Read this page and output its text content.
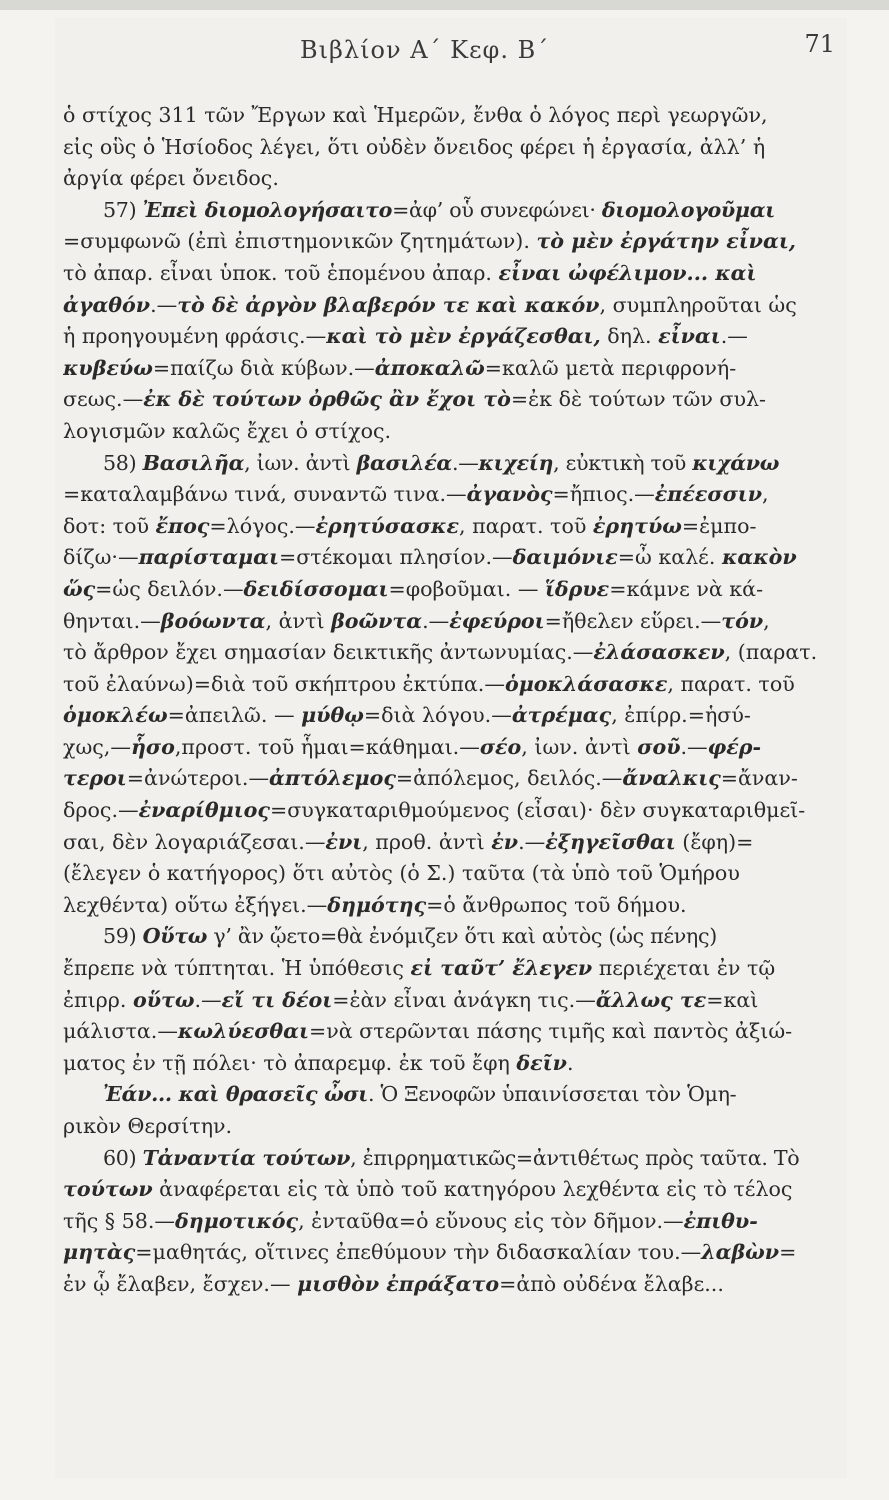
Βιβλίον Α΄ Κεφ. Β΄	71
ὁ στίχος 311 τῶν Ἔργων καὶ Ἡμερῶν, ἔνθα ὁ λόγος περὶ γεωργῶν,
εἰς οὓς ὁ Ἡσίοδος λέγει, ὅτι οὐδὲν ὄνειδος φέρει ἡ ἐργασία, ἀλλ’ ἡ
ἀργία φέρει ὄνειδος.
57) Ἐπεὶ διομολογήσαιτο=ἀφ’ οὗ συνεφώνει· διομολογοῦμαι
=συμφωνῶ (ἐπὶ ἐπιστημονικῶν ζητημάτων). τὸ μὲν ἐργάτην εἶναι,
τὸ ἀπαρ. εἶναι ὑποκ. τοῦ ἑπομένου ἀπαρ. εἶναι ὠφέλιμον... καὶ
ἀγαθόν.—τὸ δὲ ἀργὸν βλαβερόν τε καὶ κακόν, συμπληροῦται ὡς
ἡ προηγουμένη φράσις.—καὶ τὸ μὲν ἐργάζεσθαι, δηλ. εἶναι.—
κυβεύω=παίζω διὰ κύβων.—ἀποκαλῶ=καλῶ μετὰ περιφρονή-
σεως.—ἐκ δὲ τούτων ὀρθῶς ἂν ἔχοι τὸ=ἐκ δὲ τούτων τῶν συλ-
λογισμῶν καλῶς ἔχει ὁ στίχος.
58) Βασιλῆα, ἰων. ἀντὶ βασιλέα.—κιχείη, εὐκτικὴ τοῦ κιχάνω
=καταλαμβάνω τινά, συναντῶ τινα.—ἀγανὸς=ἤπιος.—ἐπέεσσιν,
δοτ: τοῦ ἔπος=λόγος.—ἐρητύσασκε, παρατ. τοῦ ἐρητύω=ἐμπο-
δίζω·—παρίσταμαι=στέκομαι πλησίον.—δαιμόνιε=ὦ καλέ. κακὸν
ὥς=ὡς δειλόν.—δειδίσσομαι=φοβοῦμαι. — ἵδρυε=κάμνε νὰ κά-
θηνται.—βοόωντα, ἀντὶ βοῶντα.—ἐφεύροι=ἤθελεν εὕρει.—τόν,
τὸ ἄρθρον ἔχει σημασίαν δεικτικῆς ἀντωνυμίας.—ἐλάσασκεν, (παρατ.
τοῦ ἐλαύνω)=διὰ τοῦ σκήπτρου ἐκτύπα.—ὁμοκλάσασκε, παρατ. τοῦ
ὁμοκλέω=ἀπειλῶ. — μύθῳ=διὰ λόγου.—ἀτρέμας, ἐπίρρ.=ἡσύ-
χως,—ἧσο,προστ. τοῦ ἧμαι=κάθημαι.—σέο, ἰων. ἀντὶ σοῦ.—φέρ-
τεροι=ἀνώτεροι.—ἀπτόλεμος=ἀπόλεμος, δειλός.—ἄναλκις=ἄναν-
δρος.—ἐναρίθμιος=συγκαταριθμούμενος (εἶσαι)· δὲν συγκαταριθμεῖ-
σαι, δὲν λογαριάζεσαι.—ἐνι, προθ. ἀντὶ ἐν.—ἐξηγεῖσθαι (ἔφη)=
(ἔλεγεν ὁ κατήγορος) ὅτι αὐτὸς (ὁ Σ.) ταῦτα (τὰ ὑπὸ τοῦ Ὁμήρου
λεχθέντα) οὕτω ἐξήγει.—δημότης=ὁ ἄνθρωπος τοῦ δήμου.
59) Οὕτω γ’ ἂν ᾤετο=θὰ ἐνόμιζεν ὅτι καὶ αὐτὸς (ὡς πένης)
ἔπρεπε νὰ τύπτηται. Ἡ ὑπόθεσις εἰ ταῦτ’ ἔλεγεν περιέχεται ἐν τῷ
ἐπιρρ. οὕτω.—εἴ τι δέοι=ἐὰν εἶναι ἀνάγκη τις.—ἄλλως τε=καὶ
μάλιστα.—κωλύεσθαι=νὰ στερῶνται πάσης τιμῆς καὶ παντὸς ἀξιώ-
ματος ἐν τῇ πόλει· τὸ ἀπαρεμφ. ἐκ τοῦ ἔφη δεῖν.
Ἐάν... καὶ θρασεῖς ὦσι. Ὁ Ξενοφῶν ὑπαινίσσεται τὸν Ὁμη-
ρικὸν Θερσίτην.
60) Τἀναντία τούτων, ἐπιρρηματικῶς=ἀντιθέτως πρὸς ταῦτα. Τὸ
τούτων ἀναφέρεται εἰς τὰ ὑπὸ τοῦ κατηγόρου λεχθέντα εἰς τὸ τέλος
τῆς § 58.—δημοτικός, ἐνταῦθα=ὁ εὔνους εἰς τὸν δῆμον.—ἐπιθυ-
μητὰς=μαθητάς, οἵτινες ἐπεθύμουν τὴν διδασκαλίαν του.—λαβὼν=
ἐν ᾧ ἔλαβεν, ἔσχεν.— μισθὸν ἐπράξατο=ἀπὸ οὐδένα ἔλαβε...
